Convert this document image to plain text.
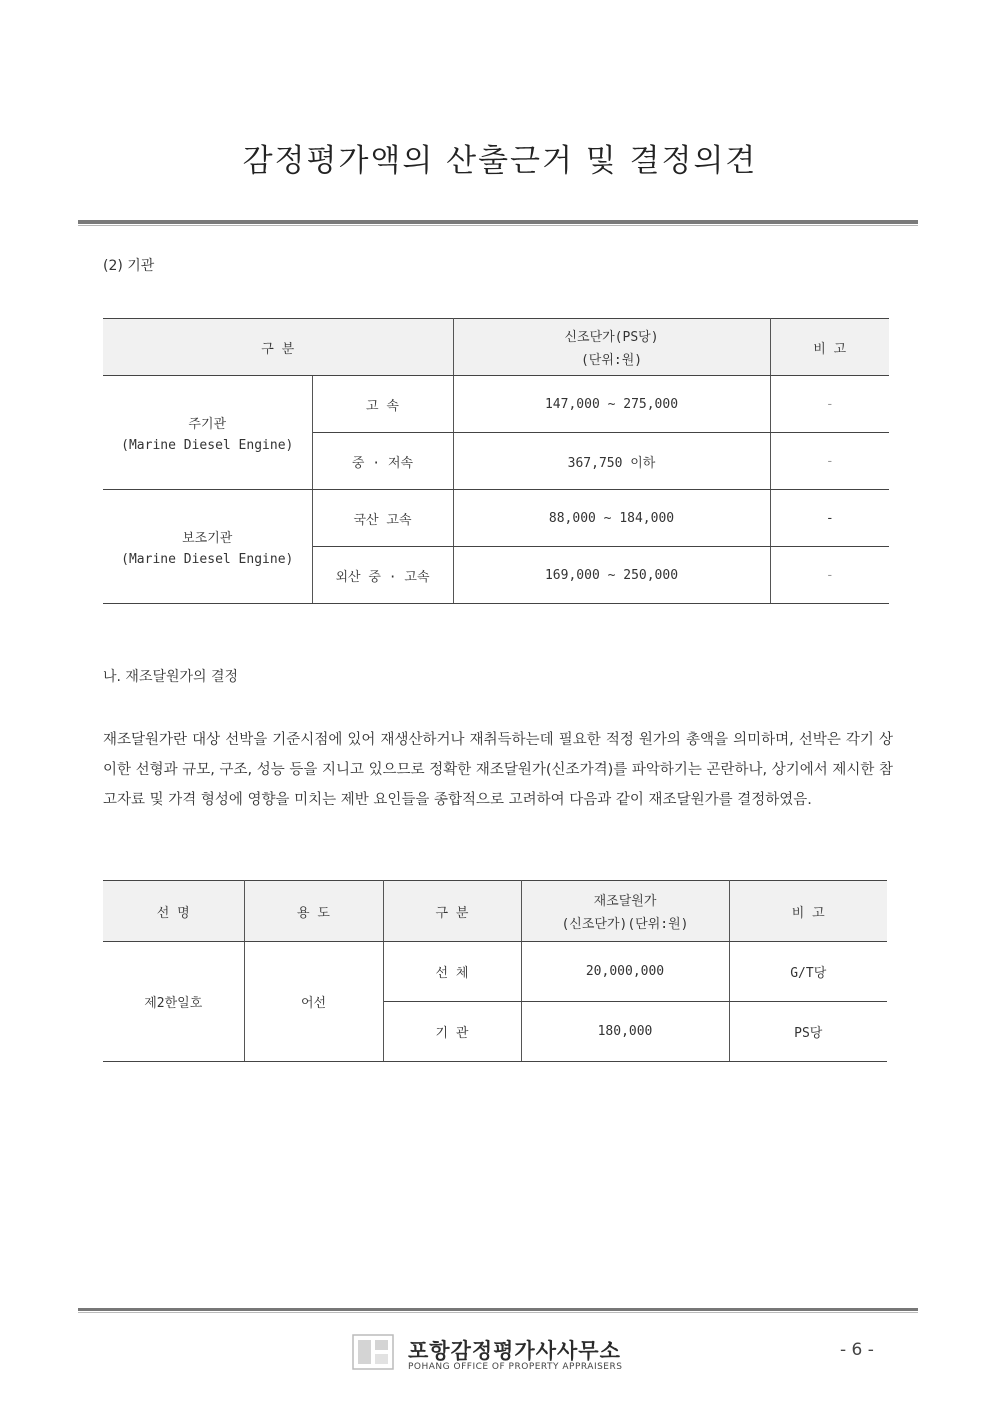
감정평가액의 산출근거 및 결정의견
(2) 기관
구 분		신조단가(PS당)
(단위:원)	비 고

주기관
(Marine Diesel Engine)	고 속	147,000 ~ 275,000	-
	중 · 저속	367,750 이하	-

보조기관
(Marine Diesel Engine)	국산 고속	88,000 ~ 184,000	-
	외산 중 · 고속	169,000 ~ 250,000	-
나. 재조달원가의 결정
재조달원가란 대상 선박을 기준시점에 있어 재생산하거나 재취득하는데 필요한 적정 원가의 총액을 의미하며, 선박은 각기 상이한 선형과 규모, 구조, 성능 등을 지니고 있으므로 정확한 재조달원가(신조가격)를 파악하기는 곤란하나, 상기에서 제시한 참고자료 및 가격 형성에 영향을 미치는 제반 요인들을 종합적으로 고려하여 다음과 같이 재조달원가를 결정하였음.
선 명	용 도	구 분	재조달원가
(신조단가)(단위:원)	비 고
제2한일호	어선	선 체	20,000,000	G/T당
		기 관	180,000	PS당
포항감정평가사사무소
POHANG OFFICE OF PROPERTY APPRAISERS
- 6 -
